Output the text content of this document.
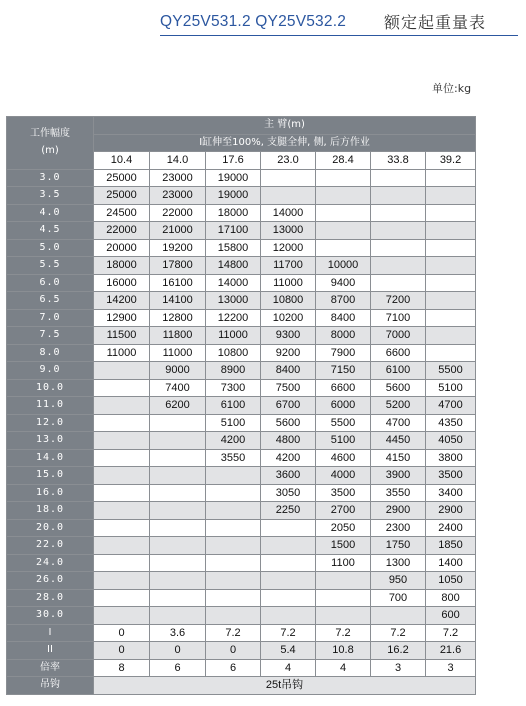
QY25V531.2 QY25V532.2 额定起重量表
单位:kg
工作幅度
(m)	主 臂(m)						
	I缸伸至100%, 支腿全伸, 侧, 后方作业						
	10.4	14.0	17.6	23.0	28.4	33.8	39.2
3.0	25000	23000	19000				
3.5	25000	23000	19000				
4.0	24500	22000	18000	14000			
4.5	22000	21000	17100	13000			
5.0	20000	19200	15800	12000			
5.5	18000	17800	14800	11700	10000		
6.0	16000	16100	14000	11000	9400		
6.5	14200	14100	13000	10800	8700	7200	
7.0	12900	12800	12200	10200	8400	7100	
7.5	11500	11800	11000	9300	8000	7000	
8.0	11000	11000	10800	9200	7900	6600	
9.0		9000	8900	8400	7150	6100	5500
10.0		7400	7300	7500	6600	5600	5100
11.0		6200	6100	6700	6000	5200	4700
12.0			5100	5600	5500	4700	4350
13.0			4200	4800	5100	4450	4050
14.0			3550	4200	4600	4150	3800
15.0				3600	4000	3900	3500
16.0				3050	3500	3550	3400
18.0				2250	2700	2900	2900
20.0					2050	2300	2400
22.0					1500	1750	1850
24.0					1100	1300	1400
26.0						950	1050
28.0						700	800
30.0							600
I	0	3.6	7.2	7.2	7.2	7.2	7.2
II	0	0	0	5.4	10.8	16.2	21.6
倍率	8	6	6	4	4	3	3
吊钩	25t吊钩						
